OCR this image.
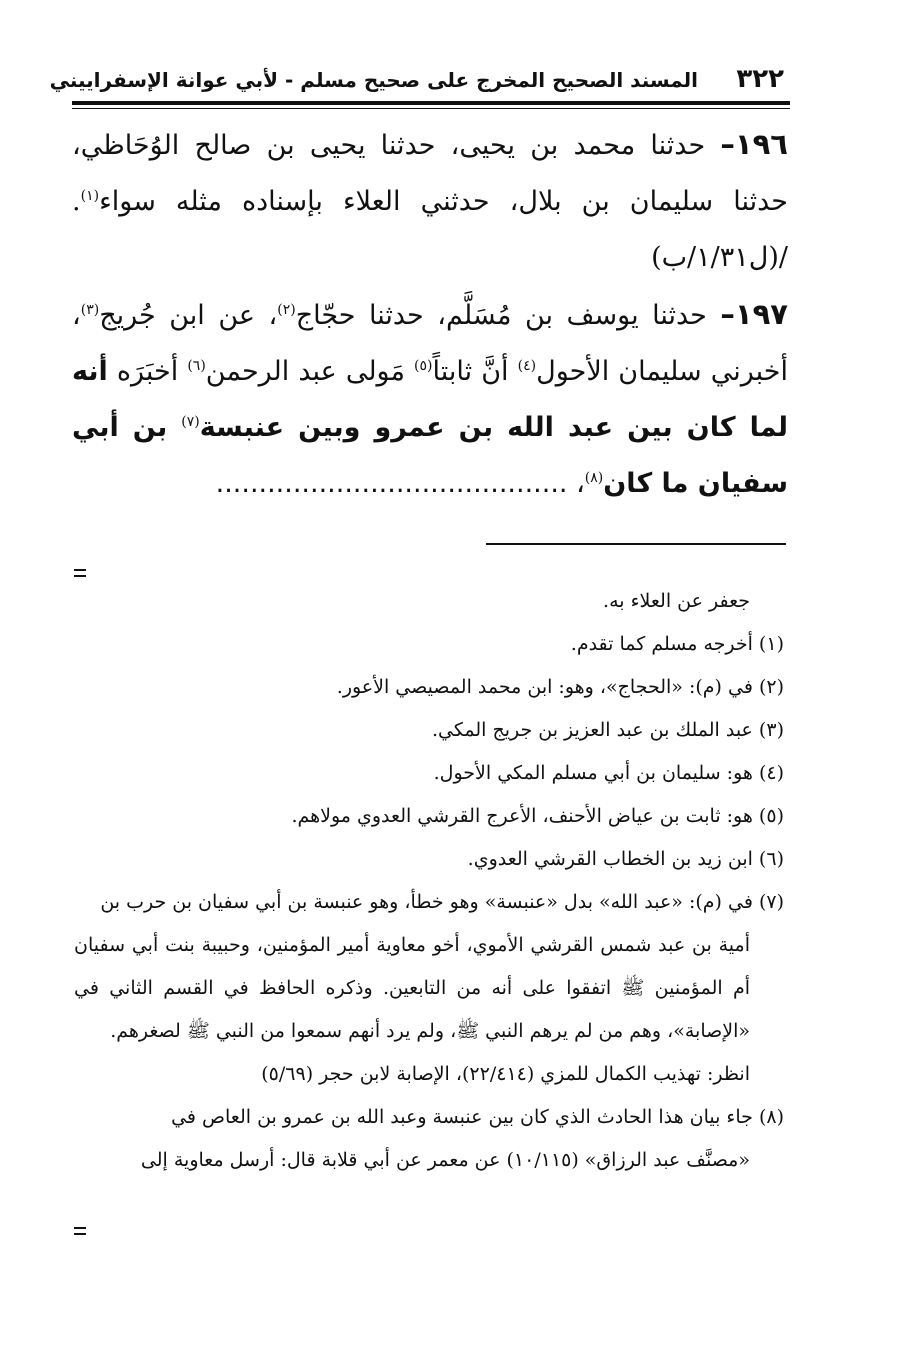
٣٢٢
المسند الصحيح المخرج على صحيح مسلم - لأبي عوانة الإسفراييني

١٩٦– حدثنا محمد بن يحيى، حدثنا يحيى بن صالح الوُحَاظي، حدثنا سليمان بن بلال، حدثني العلاء بإسناده مثله سواء$^{(١)}$. /(ل١/٣١/ب)

١٩٧– حدثنا يوسف بن مُسَلَّم، حدثنا حجّاج$^{(٢)}$، عن ابن جُريج$^{(٣)}$، أخبرني سليمان الأحول$^{(٤)}$ أنَّ ثابتاً$^{(٥)}$ مَولى عبد الرحمن$^{(٦)}$ أخبَرَه أنه لما كان بين عبد الله بن عمرو وبين عنبسة$^{(٧)}$ بن أبي سفيان ما كان$^{(٨)}$، .........................................

جعفر عن العلاء به.

(١) أخرجه مسلم كما تقدم.

(٢) في (م): «الحجاج»، وهو: ابن محمد المصيصي الأعور.

(٣) عبد الملك بن عبد العزيز بن جريج المكي.

(٤) هو: سليمان بن أبي مسلم المكي الأحول.

(٥) هو: ثابت بن عياض الأحنف، الأعرج القرشي العدوي مولاهم.

(٦) ابن زيد بن الخطاب القرشي العدوي.

(٧) في (م): «عبد الله» بدل «عنبسة» وهو خطأ، وهو عنبسة بن أبي سفيان بن حرب بن

أمية بن عبد شمس القرشي الأموي، أخو معاوية أمير المؤمنين، وحبيبة بنت أبي سفيان أم المؤمنين ﷺ اتفقوا على أنه من التابعين. وذكره الحافظ في القسم الثاني في «الإصابة»، وهم من لم يرهم النبي ﷺ، ولم يرد أنهم سمعوا من النبي ﷺ لصغرهم.

انظر: تهذيب الكمال للمزي (٢٢/٤١٤)، الإصابة لابن حجر (٥/٦٩)

(٨) جاء بيان هذا الحادث الذي كان بين عنبسة وعبد الله بن عمرو بن العاص في

«مصنَّف عبد الرزاق» (١٠/١١٥) عن معمر عن أبي قلابة قال: أرسل معاوية إلى
